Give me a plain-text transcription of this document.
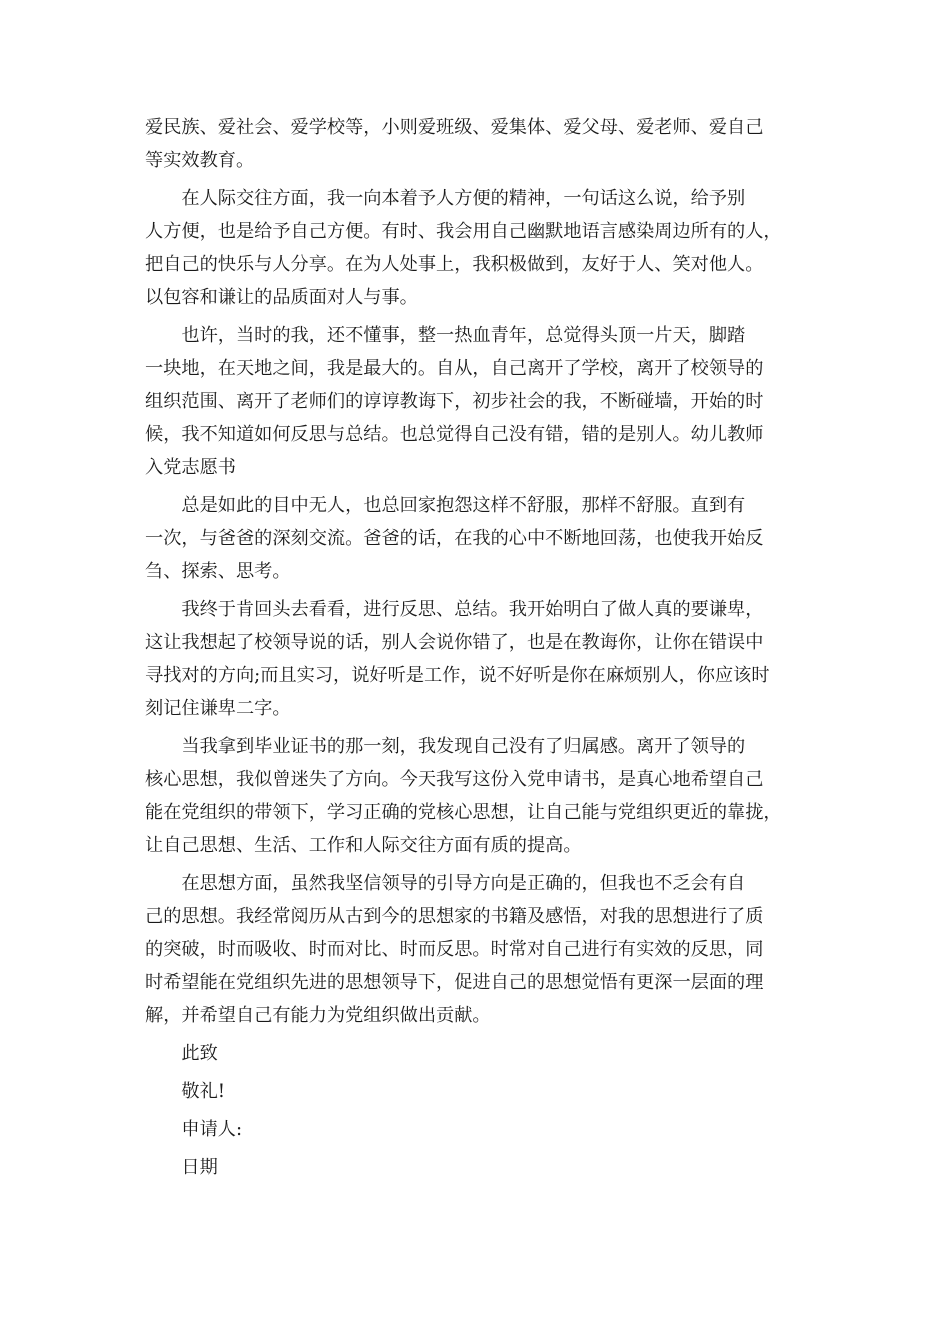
爱民族、爱社会、爱学校等，小则爱班级、爱集体、爱父母、爱老师、爱自己
等实效教育。

在人际交往方面，我一向本着予人方便的精神，一句话这么说，给予别
人方便，也是给予自己方便。有时、我会用自己幽默地语言感染周边所有的人，
把自己的快乐与人分享。在为人处事上，我积极做到，友好于人、笑对他人。
以包容和谦让的品质面对人与事。

也许，当时的我，还不懂事，整一热血青年，总觉得头顶一片天，脚踏
一块地，在天地之间，我是最大的。自从，自己离开了学校，离开了校领导的
组织范围、离开了老师们的谆谆教诲下，初步社会的我，不断碰墙，开始的时
候，我不知道如何反思与总结。也总觉得自己没有错，错的是别人。幼儿教师
入党志愿书

总是如此的目中无人，也总回家抱怨这样不舒服，那样不舒服。直到有
一次，与爸爸的深刻交流。爸爸的话，在我的心中不断地回荡，也使我开始反
刍、探索、思考。

我终于肯回头去看看，进行反思、总结。我开始明白了做人真的要谦卑，
这让我想起了校领导说的话，别人会说你错了，也是在教诲你，让你在错误中
寻找对的方向;而且实习，说好听是工作，说不好听是你在麻烦别人，你应该时
刻记住谦卑二字。

当我拿到毕业证书的那一刻，我发现自己没有了归属感。离开了领导的
核心思想，我似曾迷失了方向。今天我写这份入党申请书，是真心地希望自己
能在党组织的带领下，学习正确的党核心思想，让自己能与党组织更近的靠拢，
让自己思想、生活、工作和人际交往方面有质的提高。

在思想方面，虽然我坚信领导的引导方向是正确的，但我也不乏会有自
己的思想。我经常阅历从古到今的思想家的书籍及感悟，对我的思想进行了质
的突破，时而吸收、时而对比、时而反思。时常对自己进行有实效的反思，同
时希望能在党组织先进的思想领导下，促进自己的思想觉悟有更深一层面的理
解，并希望自己有能力为党组织做出贡献。

此致

敬礼!

申请人:

日期
